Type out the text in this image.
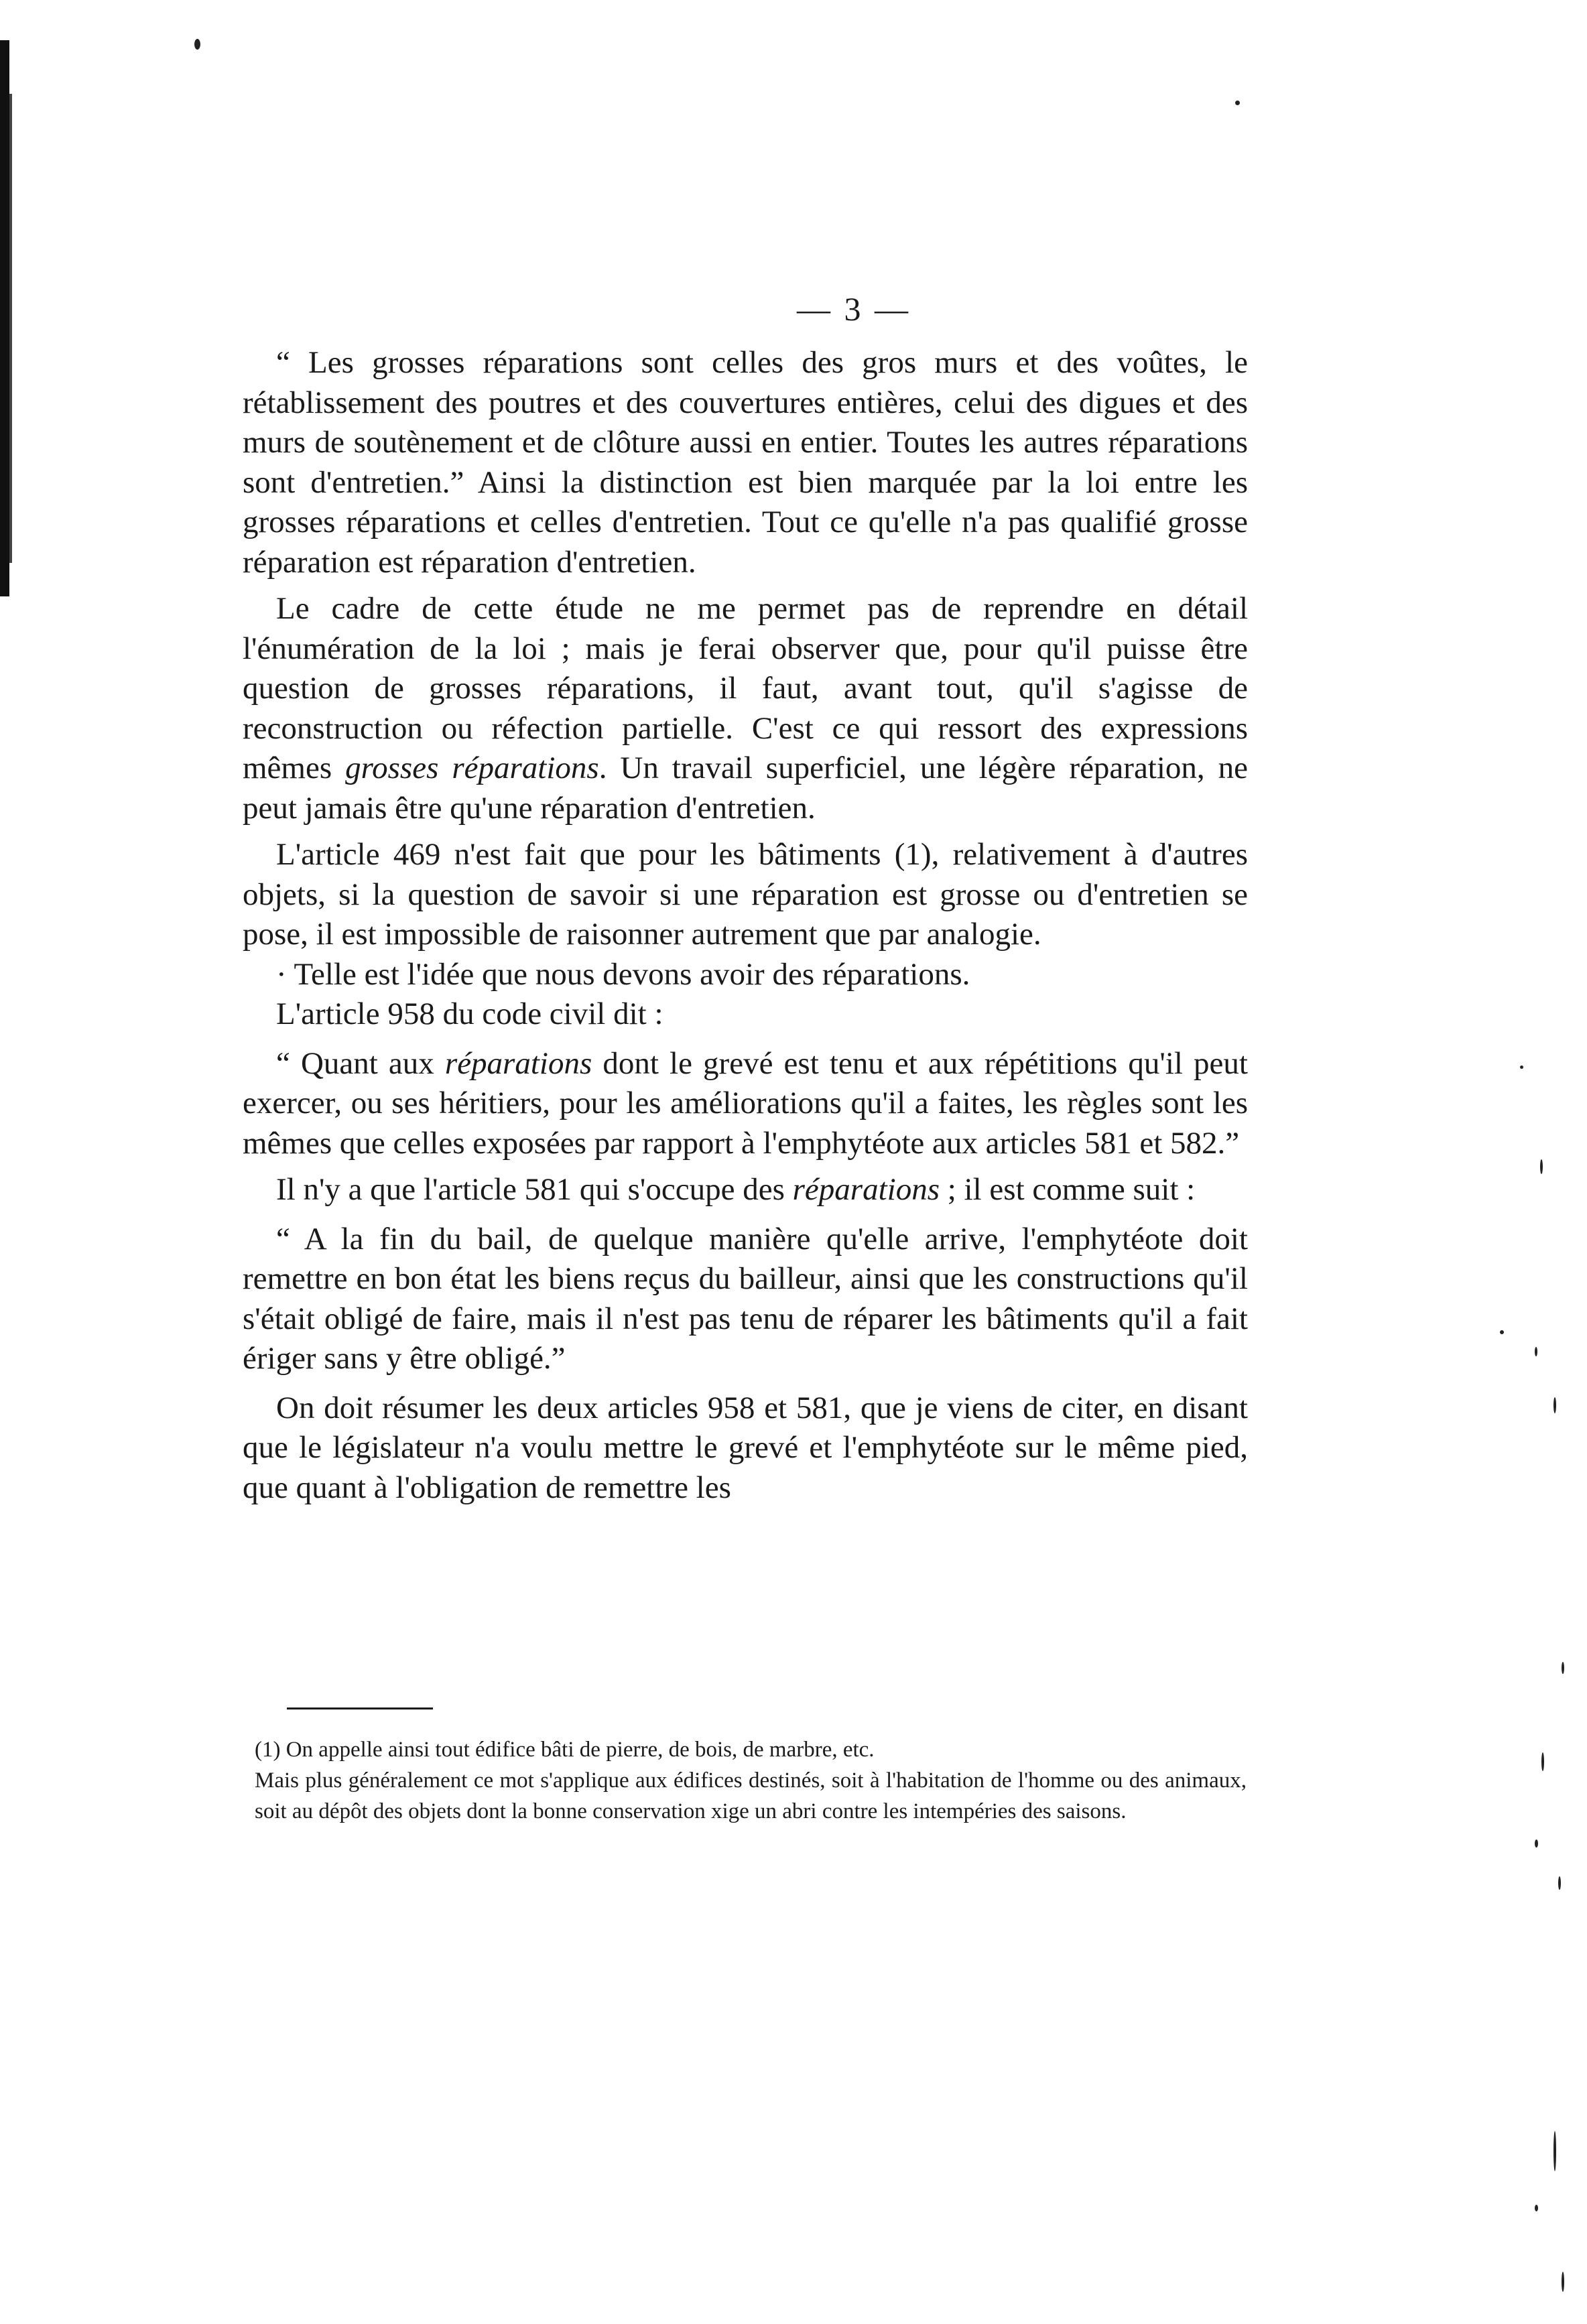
— 3 —

“ Les grosses réparations sont celles des gros murs et des voûtes, le rétablissement des poutres et des couvertures entières, celui des digues et des murs de soutènement et de clôture aussi en entier. Toutes les autres réparations sont d'entretien.” Ainsi la distinction est bien marquée par la loi entre les grosses réparations et celles d'entretien. Tout ce qu'elle n'a pas qualifié grosse réparation est réparation d'entretien.

Le cadre de cette étude ne me permet pas de reprendre en détail l'énumération de la loi ; mais je ferai observer que, pour qu'il puisse être question de grosses réparations, il faut, avant tout, qu'il s'agisse de reconstruction ou réfection partielle. C'est ce qui ressort des expressions mêmes grosses réparations. Un travail superficiel, une légère réparation, ne peut jamais être qu'une réparation d'entretien.

L'article 469 n'est fait que pour les bâtiments (1), relativement à d'autres objets, si la question de savoir si une réparation est grosse ou d'entretien se pose, il est impossible de raisonner autrement que par analogie.

· Telle est l'idée que nous devons avoir des réparations.

L'article 958 du code civil dit :

“ Quant aux réparations dont le grevé est tenu et aux répétitions qu'il peut exercer, ou ses héritiers, pour les améliorations qu'il a faites, les règles sont les mêmes que celles exposées par rapport à l'emphytéote aux articles 581 et 582.”

Il n'y a que l'article 581 qui s'occupe des réparations ; il est comme suit :

“ A la fin du bail, de quelque manière qu'elle arrive, l'emphytéote doit remettre en bon état les biens reçus du bailleur, ainsi que les constructions qu'il s'était obligé de faire, mais il n'est pas tenu de réparer les bâtiments qu'il a fait ériger sans y être obligé.”

On doit résumer les deux articles 958 et 581, que je viens de citer, en disant que le législateur n'a voulu mettre le grevé et l'emphytéote sur le même pied, que quant à l'obligation de remettre les

(1) On appelle ainsi tout édifice bâti de pierre, de bois, de marbre, etc.

Mais plus généralement ce mot s'applique aux édifices destinés, soit à l'habitation de l'homme ou des animaux, soit au dépôt des objets dont la bonne conservation xige un abri contre les intempéries des saisons.
